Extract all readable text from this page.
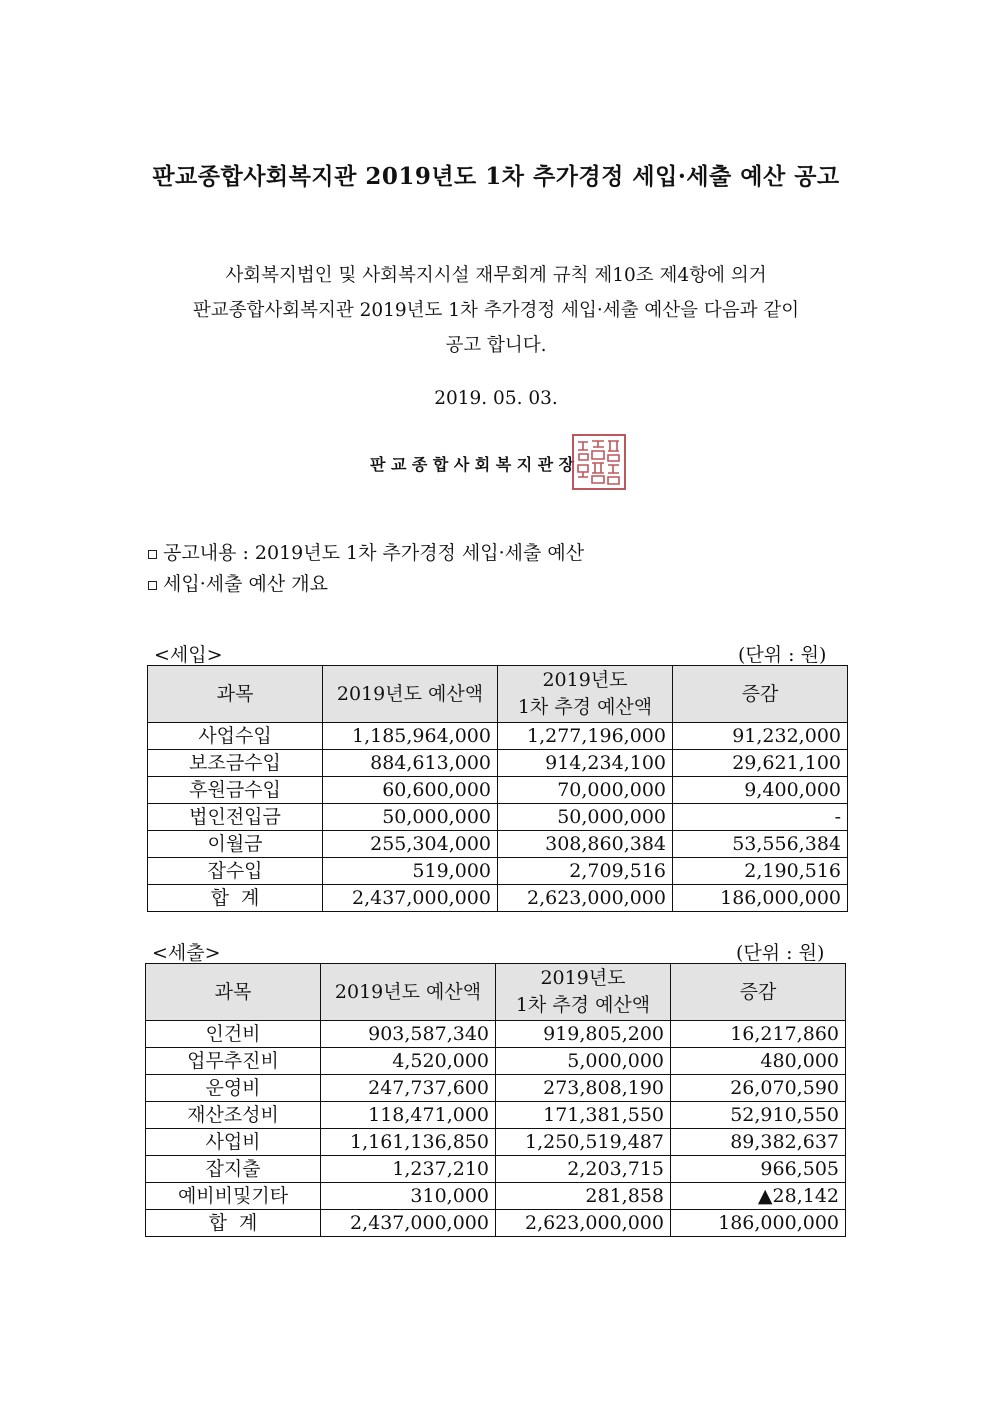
판교종합사회복지관 2019년도 1차 추가경정 세입·세출 예산 공고
사회복지법인 및 사회복지시설 재무회계 규칙 제10조 제4항에 의거
판교종합사회복지관 2019년도 1차 추가경정 세입·세출 예산을 다음과 같이
공고 합니다.
2019. 05. 03.
판교종합사회복지관장
공고내용 : 2019년도 1차 추가경정 세입·세출 예산
세입·세출 예산 개요
<세입>	(단위 : 원)
과목	2019년도 예산액	2019년도
1차 추경 예산액	증감
사업수입	1,185,964,000	1,277,196,000	91,232,000
보조금수입	884,613,000	914,234,100	29,621,100
후원금수입	60,600,000	70,000,000	9,400,000
법인전입금	50,000,000	50,000,000	-
이월금	255,304,000	308,860,384	53,556,384
잡수입	519,000	2,709,516	2,190,516
합  계	2,437,000,000	2,623,000,000	186,000,000
<세출>	(단위 : 원)
과목	2019년도 예산액	2019년도
1차 추경 예산액	증감
인건비	903,587,340	919,805,200	16,217,860
업무추진비	4,520,000	5,000,000	480,000
운영비	247,737,600	273,808,190	26,070,590
재산조성비	118,471,000	171,381,550	52,910,550
사업비	1,161,136,850	1,250,519,487	89,382,637
잡지출	1,237,210	2,203,715	966,505
예비비및기타	310,000	281,858	▲28,142
합  계	2,437,000,000	2,623,000,000	186,000,000
